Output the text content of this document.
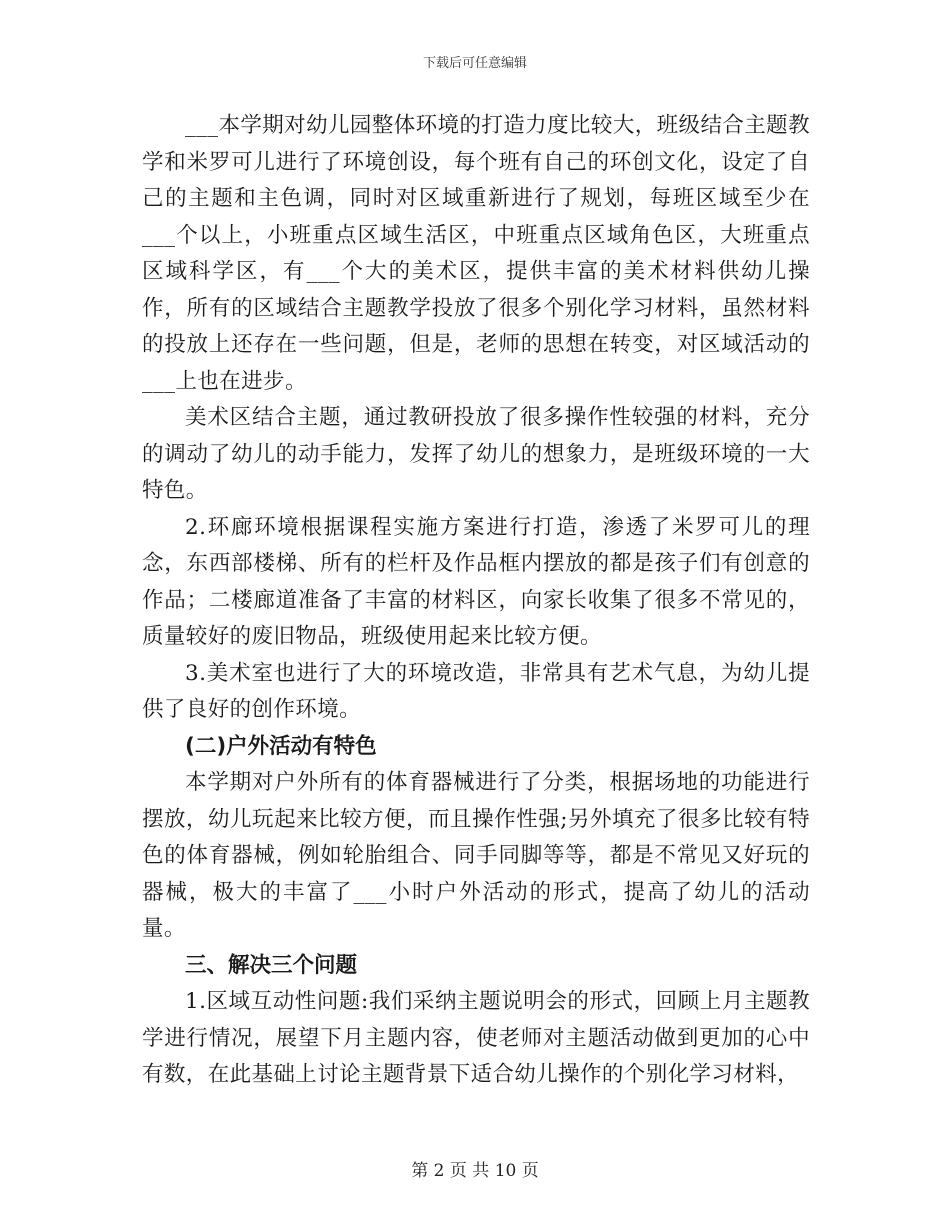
下载后可任意编辑

___本学期对幼儿园整体环境的打造力度比较大，班级结合主题教学和米罗可儿进行了环境创设，每个班有自己的环创文化，设定了自己的主题和主色调，同时对区域重新进行了规划，每班区域至少在___个以上，小班重点区域生活区，中班重点区域角色区，大班重点区域科学区，有___个大的美术区，提供丰富的美术材料供幼儿操作，所有的区域结合主题教学投放了很多个别化学习材料，虽然材料的投放上还存在一些问题，但是，老师的思想在转变，对区域活动的___上也在进步。

美术区结合主题，通过教研投放了很多操作性较强的材料，充分的调动了幼儿的动手能力，发挥了幼儿的想象力，是班级环境的一大特色。

2.环廊环境根据课程实施方案进行打造，渗透了米罗可儿的理念，东西部楼梯、所有的栏杆及作品框内摆放的都是孩子们有创意的作品；二楼廊道准备了丰富的材料区，向家长收集了很多不常见的，质量较好的废旧物品，班级使用起来比较方便。

3.美术室也进行了大的环境改造，非常具有艺术气息，为幼儿提供了良好的创作环境。

(二)户外活动有特色

本学期对户外所有的体育器械进行了分类，根据场地的功能进行摆放，幼儿玩起来比较方便，而且操作性强;另外填充了很多比较有特色的体育器械，例如轮胎组合、同手同脚等等，都是不常见又好玩的器械，极大的丰富了___小时户外活动的形式，提高了幼儿的活动量。

三、解决三个问题

1.区域互动性问题:我们采纳主题说明会的形式，回顾上月主题教学进行情况，展望下月主题内容，使老师对主题活动做到更加的心中有数，在此基础上讨论主题背景下适合幼儿操作的个别化学习材料，

第 2 页 共 10 页
